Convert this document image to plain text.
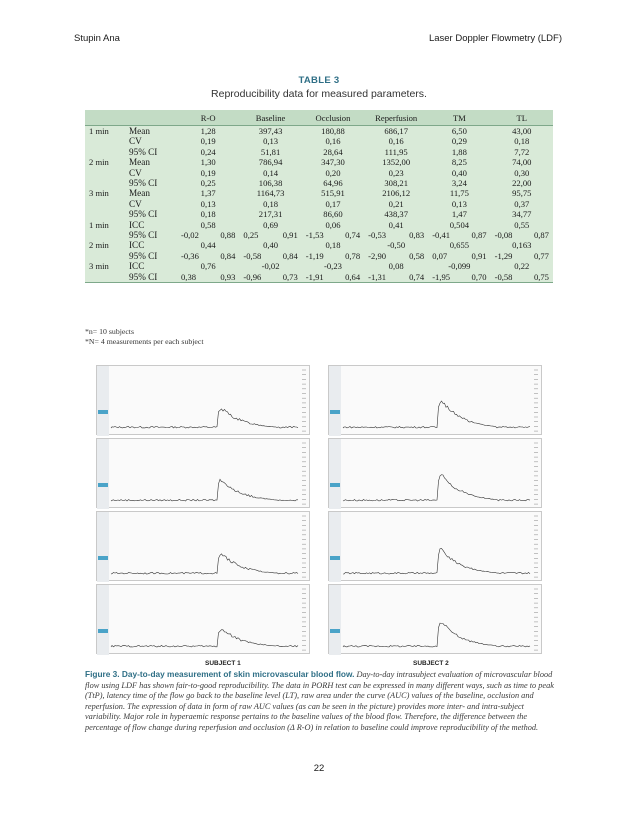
Stupin Ana	Laser Doppler Flowmetry (LDF)
TABLE 3
Reproducibility data for measured parameters.
		R-O	Baseline	Occlusion	Reperfusion	TM	TL
1 min	Mean	1,28	397,43	180,88	686,17	6,50	43,00
	CV	0,19	0,13	0,16	0,16	0,29	0,18
	95% CI	0,24	51,81	28,64	111,95	1,88	7,72
2 min	Mean	1,30	786,94	347,30	1352,00	8,25	74,00
	CV	0,19	0,14	0,20	0,23	0,40	0,30
	95% CI	0,25	106,38	64,96	308,21	3,24	22,00
3 min	Mean	1,37	1164,73	515,91	2106,12	11,75	95,75
	CV	0,13	0,18	0,17	0,21	0,13	0,37
	95% CI	0,18	217,31	86,60	438,37	1,47	34,77
1 min	ICC	0,58	0,69	0,06	0,41	0,504	0,55
	95% CI	-0,02 0,88	0,25 0,91	-1,53 0,74	-0,53 0,83	-0,41 0,87	-0,08 0,87
2 min	ICC	0,44	0,40	0,18	-0,50	0,655	0,163
	95% CI	-0,36 0,84	-0,58 0,84	-1,19 0,78	-2,90 0,58	0,07 0,91	-1,29 0,77
3 min	ICC	0,76	-0,02	-0,23	0,08	-0,099	0,22
	95% CI	0,38 0,93	-0,96 0,73	-1,91 0,64	-1,31 0,74	-1,95 0,70	-0,58 0,75
*n= 10 subjects
*N= 4 measurements per each subject
SUBJECT 1	SUBJECT 2
Figure 3. Day-to-day measurement of skin microvascular blood flow. Day-to-day intrasubject evaluation of microvascular blood flow using LDF has shown fair-to-good reproducibility. The data in PORH test can be expressed in many different ways, such as time to peak (TtP), latency time of the flow go back to the baseline level (LT), raw area under the curve (AUC) values of the baseline, occlusion and reperfusion. The expression of data in form of raw AUC values (as can be seen in the picture) provides more inter- and intra-subject variability. Major role in hyperaemic response pertains to the baseline values of the blood flow. Therefore, the difference between the percentage of flow change during reperfusion and occlusion (Δ R-O) in relation to baseline could improve reproducibility of the method.
22
